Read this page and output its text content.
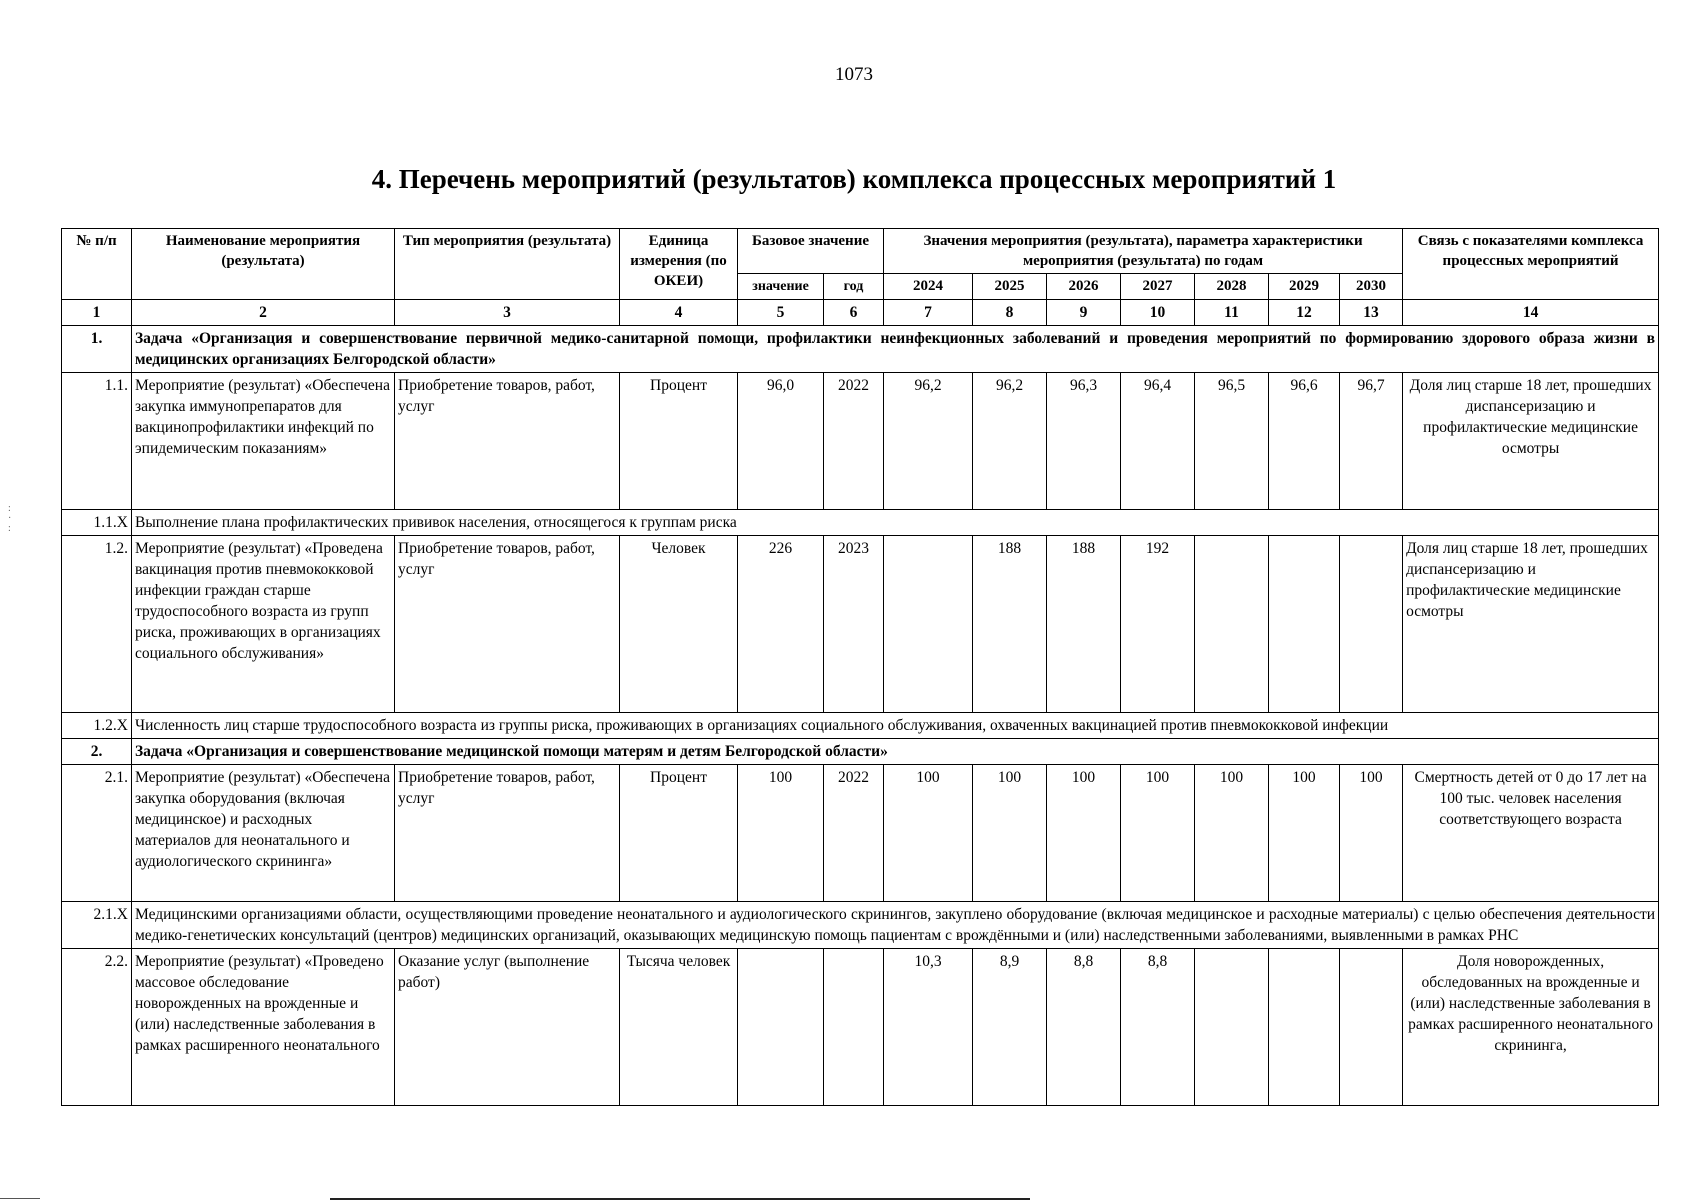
1073
4. Перечень мероприятий (результатов) комплекса процессных мероприятий 1
:
·
:
№ п/п	Наименование мероприятия (результата)	Тип мероприятия (результата)	Единица измерения (по ОКЕИ)	Базовое значение		Значения мероприятия (результата), параметра характеристики мероприятия (результата) по годам							Связь с показателями комплекса процессных мероприятий
				значение	год	2024	2025	2026	2027	2028	2029	2030	
1	2	3	4	5	6	7	8	9	10	11	12	13	14
1.	Задача «Организация и совершенствование первичной медико-санитарной помощи, профилактики неинфекционных заболеваний и проведения мероприятий по формированию здорового образа жизни в медицинских организациях Белгородской области»												
1.1.	Мероприятие (результат) «Обеспечена закупка иммунопрепаратов для вакцинопрофилактики инфекций по эпидемическим показаниям»	Приобретение товаров, работ, услуг	Процент	96,0	2022	96,2	96,2	96,3	96,4	96,5	96,6	96,7	Доля лиц старше 18 лет, прошедших диспансеризацию и профилактические медицинские осмотры
1.1.X	Выполнение плана профилактических прививок населения, относящегося к группам риска												
1.2.	Мероприятие (результат) «Проведена вакцинация против пневмококковой инфекции граждан старше трудоспособного возраста из групп риска, проживающих в организациях социального обслуживания»	Приобретение товаров, работ, услуг	Человек	226	2023		188	188	192				Доля лиц старше 18 лет, прошедших диспансеризацию и профилактические медицинские осмотры
1.2.X	Численность лиц старше трудоспособного возраста из группы риска, проживающих в организациях социального обслуживания, охваченных вакцинацией против пневмококковой инфекции												
2.	Задача «Организация и совершенствование медицинской помощи матерям и детям Белгородской области»												
2.1.	Мероприятие (результат) «Обеспечена закупка оборудования (включая медицинское) и расходных материалов для неонатального и аудиологического скрининга»	Приобретение товаров, работ, услуг	Процент	100	2022	100	100	100	100	100	100	100	Смертность детей от 0 до 17 лет на 100 тыс. человек населения соответствующего возраста
2.1.X	Медицинскими организациями области, осуществляющими проведение неонатального и аудиологического скринингов, закуплено оборудование (включая медицинское и расходные материалы) с целью обеспечения деятельности медико-генетических консультаций (центров) медицинских организаций, оказывающих медицинскую помощь пациентам с врождёнными и (или) наследственными заболеваниями, выявленными в рамках РНС												
2.2.	Мероприятие (результат) «Проведено массовое обследование новорожденных на врожденные и (или) наследственные заболевания в рамках расширенного неонатального	Оказание услуг (выполнение работ)	Тысяча человек			10,3	8,9	8,8	8,8				Доля новорожденных, обследованных на врожденные и (или) наследственные заболевания в рамках расширенного неонатального скрининга,
